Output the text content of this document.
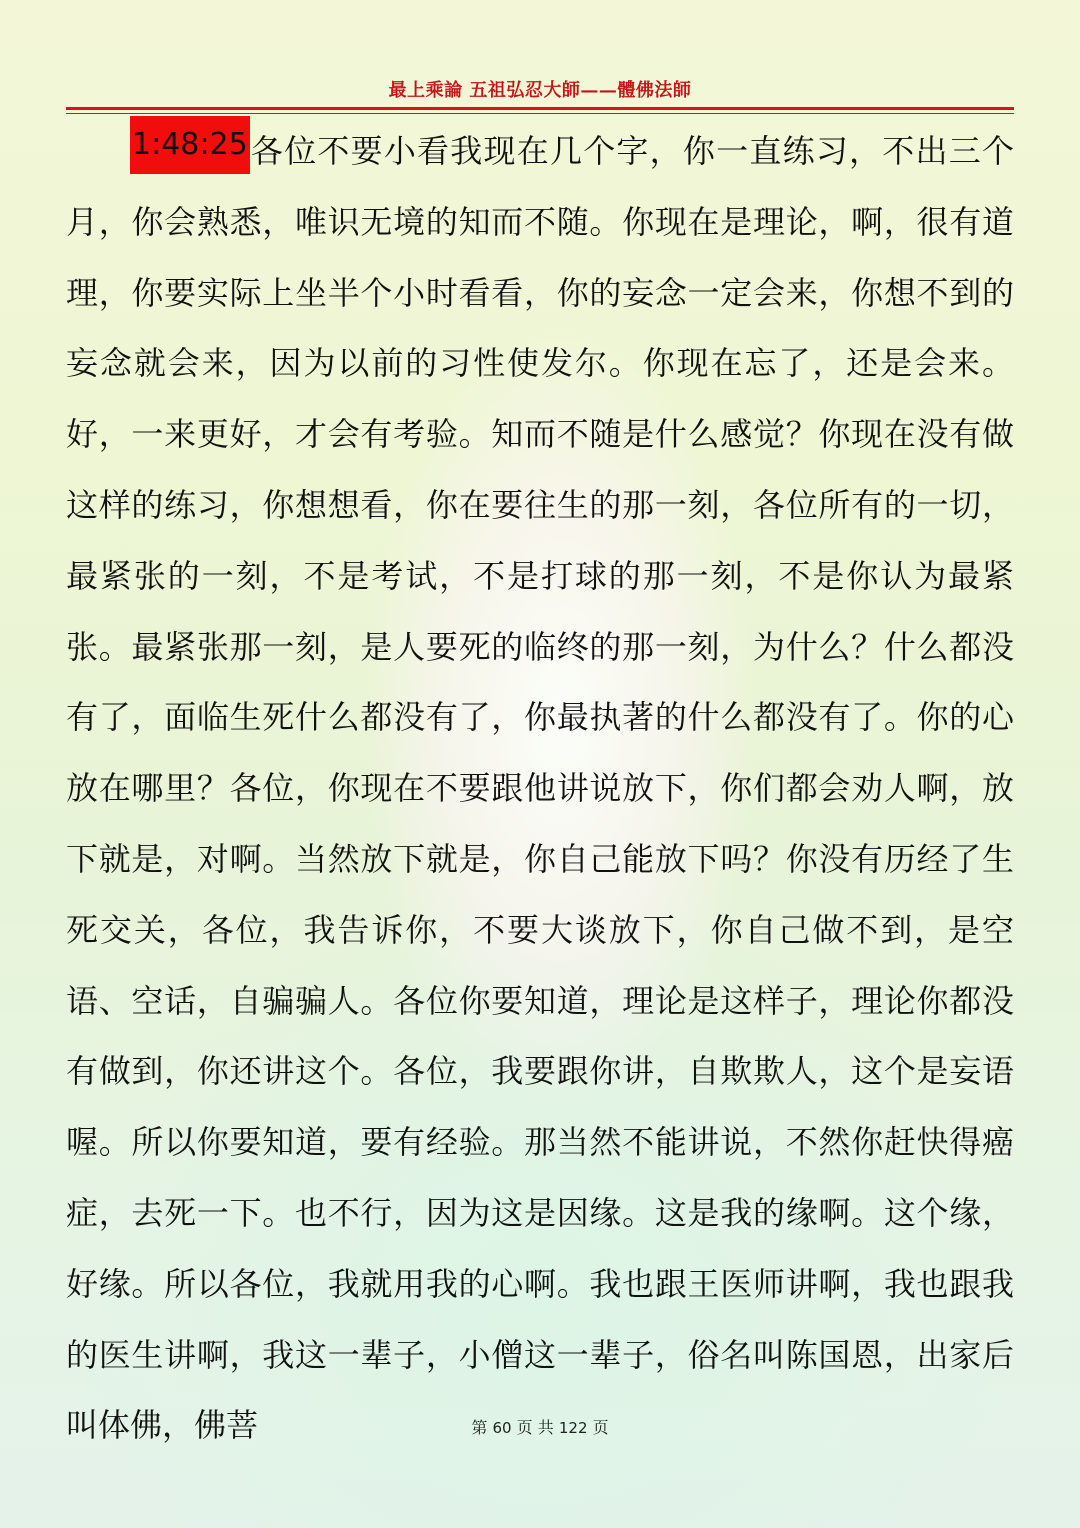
最上乘論 五祖弘忍大師——體佛法師

1:48:25各位不要小看我现在几个字，你一直练习，不出三个月，你会熟悉，唯识无境的知而不随。你现在是理论，啊，很有道理，你要实际上坐半个小时看看，你的妄念一定会来，你想不到的妄念就会来，因为以前的习性使发尔。你现在忘了，还是会来。好，一来更好，才会有考验。知而不随是什么感觉？你现在没有做这样的练习，你想想看，你在要往生的那一刻，各位所有的一切，最紧张的一刻，不是考试，不是打球的那一刻，不是你认为最紧张。最紧张那一刻，是人要死的临终的那一刻，为什么？什么都没有了，面临生死什么都没有了，你最执著的什么都没有了。你的心放在哪里？各位，你现在不要跟他讲说放下，你们都会劝人啊，放下就是，对啊。当然放下就是，你自己能放下吗？你没有历经了生死交关，各位，我告诉你，不要大谈放下，你自己做不到，是空语、空话，自骗骗人。各位你要知道，理论是这样子，理论你都没有做到，你还讲这个。各位，我要跟你讲，自欺欺人，这个是妄语喔。所以你要知道，要有经验。那当然不能讲说，不然你赶快得癌症，去死一下。也不行，因为这是因缘。这是我的缘啊。这个缘，好缘。所以各位，我就用我的心啊。我也跟王医师讲啊，我也跟我的医生讲啊，我这一辈子，小僧这一辈子，俗名叫陈国恩，出家后叫体佛，佛菩	第 60 页 共 122 页
